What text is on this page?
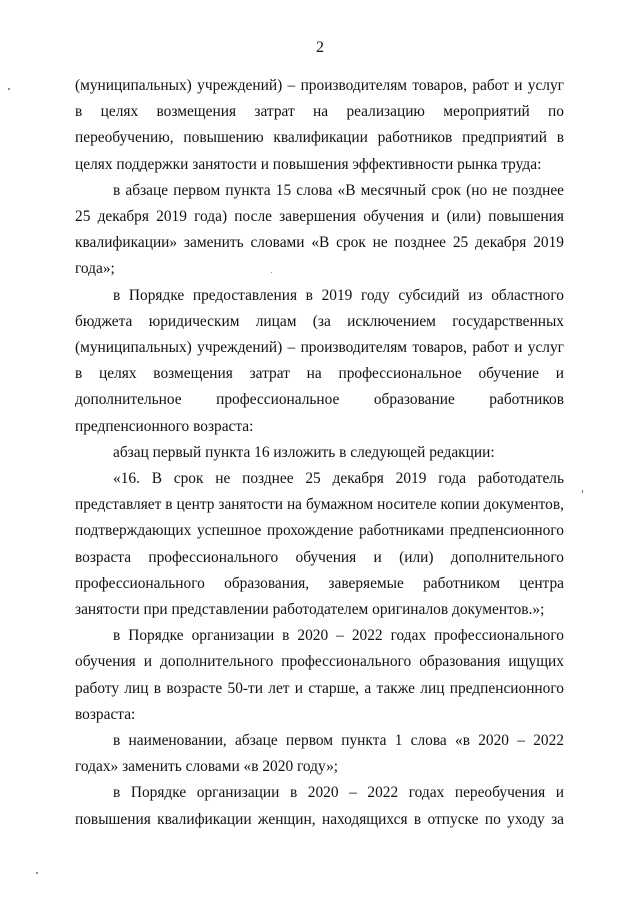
2

(муниципальных) учреждений) – производителям товаров, работ и услуг в целях возмещения затрат на реализацию мероприятий по переобучению, повышению квалификации работников предприятий в целях поддержки занятости и повышения эффективности рынка труда:

в абзаце первом пункта 15 слова «В месячный срок (но не позднее 25 декабря 2019 года) после завершения обучения и (или) повышения квалификации» заменить словами «В срок не позднее 25 декабря 2019 года»;

в Порядке предоставления в 2019 году субсидий из областного бюджета юридическим лицам (за исключением государственных (муниципальных) учреждений) – производителям товаров, работ и услуг в целях возмещения затрат на профессиональное обучение и дополнительное профессиональное образование работников предпенсионного возраста:

абзац первый пункта 16 изложить в следующей редакции:

«16. В срок не позднее 25 декабря 2019 года работодатель представляет в центр занятости на бумажном носителе копии документов, подтверждающих успешное прохождение работниками предпенсионного возраста профессионального обучения и (или) дополнительного профессионального образования, заверяемые работником центра занятости при представлении работодателем оригиналов документов.»;

в Порядке организации в 2020 – 2022 годах профессионального обучения и дополнительного профессионального образования ищущих работу лиц в возрасте 50-ти лет и старше, а также лиц предпенсионного возраста:

в наименовании, абзаце первом пункта 1 слова «в 2020 – 2022 годах» заменить словами «в 2020 году»;

в Порядке организации в 2020 – 2022 годах переобучения и повышения квалификации женщин, находящихся в отпуске по уходу за
